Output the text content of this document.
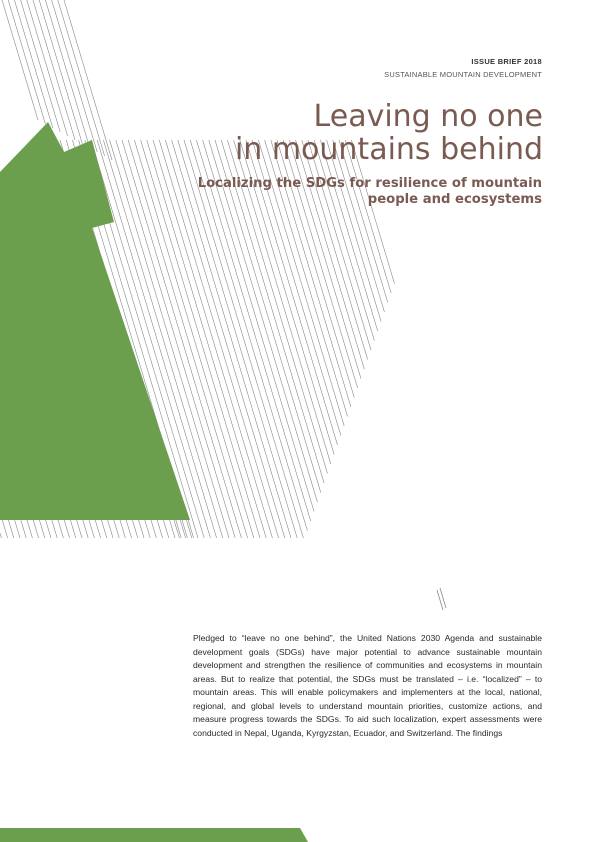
ISSUE BRIEF 2018
SUSTAINABLE MOUNTAIN DEVELOPMENT
Leaving no one
in mountains behind
Localizing the SDGs for resilience of mountain
people and ecosystems
Pledged to “leave no one behind”, the United Nations 2030 Agenda and sustainable development goals (SDGs) have major potential to advance sustainable mountain development and strengthen the resilience of communities and ecosystems in mountain areas. But to realize that potential, the SDGs must be translated – i.e. “localized” – to mountain areas. This will enable policymakers and implementers at the local, national, regional, and global levels to understand mountain priorities, customize actions, and measure progress towards the SDGs. To aid such localization, expert assessments were conducted in Nepal, Uganda, Kyrgyzstan, Ecuador, and Switzerland. The findings
